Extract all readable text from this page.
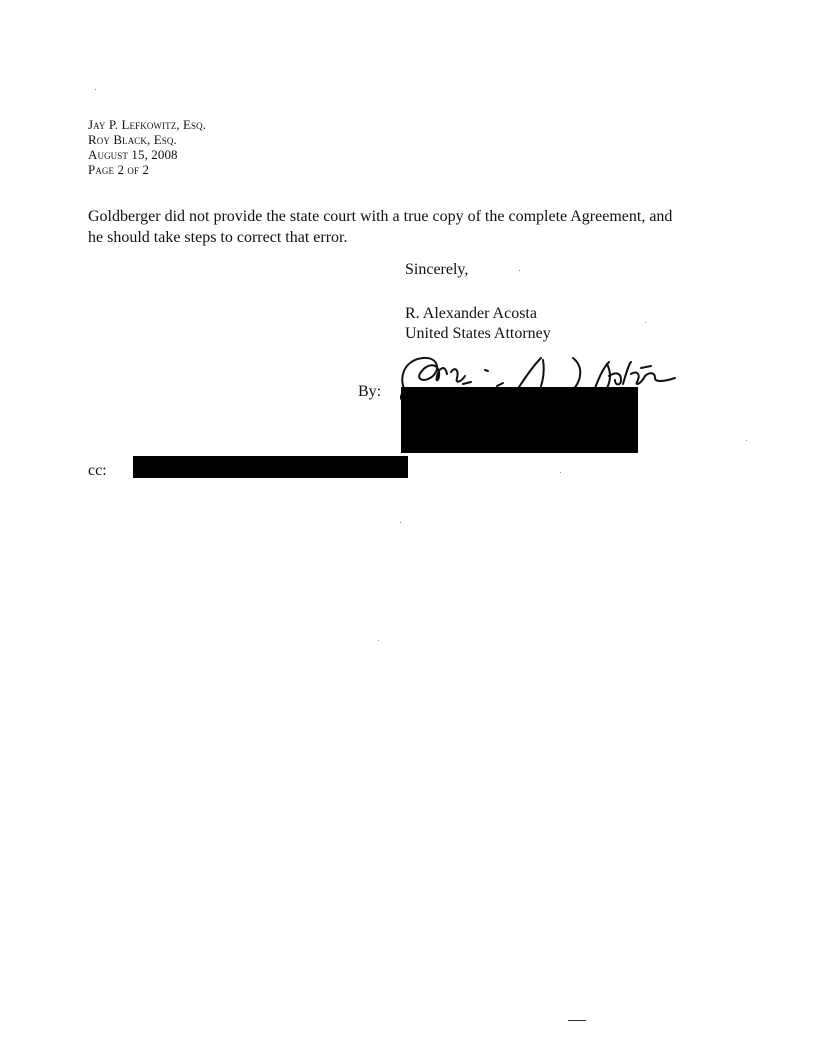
Jay P. Lefkowitz, Esq.
Roy Black, Esq.
August 15, 2008
Page 2 of 2
Goldberger did not provide the state court with a true copy of the complete Agreement, and
he should take steps to correct that error.
Sincerely,
R. Alexander Acosta
United States Attorney
By:
cc:
